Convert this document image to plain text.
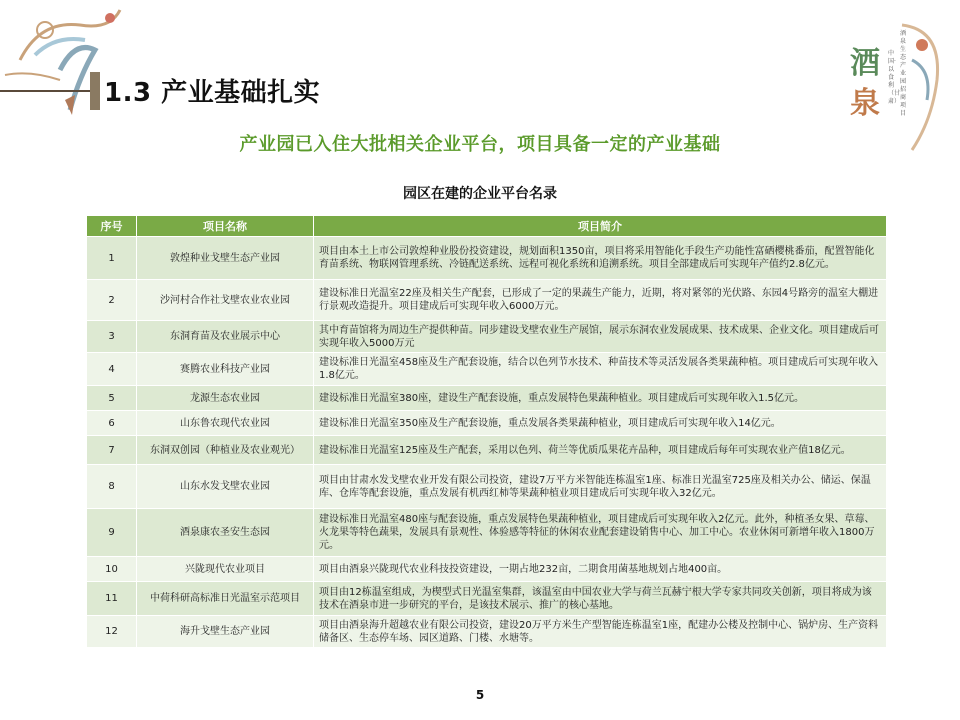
酒
泉
酒泉生态产业园招商项目
中国·以食利（甘肃）
1.3 产业基础扎实
产业园已入住大批相关企业平台，项目具备一定的产业基础
园区在建的企业平台名录
序号	项目名称	项目简介
1	敦煌种业戈壁生态产业园	项目由本土上市公司敦煌种业股份投资建设，规划面积1350亩，项目将采用智能化手段生产功能性富硒樱桃番茄，配置智能化育苗系统、物联网管理系统、冷链配送系统、远程可视化系统和追溯系统。项目全部建成后可实现年产值约2.8亿元。
2	沙河村合作社戈壁农业农业园	建设标准日光温室22座及相关生产配套，已形成了一定的果蔬生产能力，近期，将对紧邻的光伏路、东园4号路旁的温室大棚进行景观改造提升。项目建成后可实现年收入6000万元。
3	东洞育苗及农业展示中心	其中育苗馆将为周边生产提供种苗。同步建设戈壁农业生产展馆，展示东洞农业发展成果、技术成果、企业文化。项目建成后可实现年收入5000万元
4	赛腾农业科技产业园	建设标准日光温室458座及生产配套设施，结合以色列节水技术、种苗技术等灵活发展各类果蔬种植。项目建成后可实现年收入1.8亿元。
5	龙源生态农业园	建设标准日光温室380座，建设生产配套设施，重点发展特色果蔬种植业。项目建成后可实现年收入1.5亿元。
6	山东鲁农现代农业园	建设标准日光温室350座及生产配套设施，重点发展各类果蔬种植业，项目建成后可实现年收入14亿元。
7	东洞双创园（种植业及农业观光）	建设标准日光温室125座及生产配套，采用以色列、荷兰等优质瓜果花卉品种，项目建成后每年可实现农业产值18亿元。
8	山东水发戈壁农业园	项目由甘肃水发戈壁农业开发有限公司投资，建设7万平方米智能连栋温室1座、标准日光温室725座及相关办公、储运、保温库、仓库等配套设施，重点发展有机西红柿等果蔬种植业项目建成后可实现年收入32亿元。
9	酒泉康农圣安生态园	建设标准日光温室480座与配套设施，重点发展特色果蔬种植业，项目建成后可实现年收入2亿元。此外，种植圣女果、草莓、火龙果等特色蔬果，发展具有景观性、体验感等特征的休闲农业配套建设销售中心、加工中心。农业休闲可新增年收入1800万元。
10	兴陇现代农业项目	项目由酒泉兴陇现代农业科技投资建设，一期占地232亩，二期食用菌基地规划占地400亩。
11	中荷科研高标准日光温室示范项目	项目由12栋温室组成，为楔型式日光温室集群，该温室由中国农业大学与荷兰瓦赫宁根大学专家共同攻关创新，项目将成为该技术在酒泉市进一步研究的平台，是该技术展示、推广的核心基地。
12	海升戈壁生态产业园	项目由酒泉海升超越农业有限公司投资，建设20万平方米生产型智能连栋温室1座，配建办公楼及控制中心、锅炉房、生产资料储备区、生态停车场、园区道路、门楼、水塘等。
5
